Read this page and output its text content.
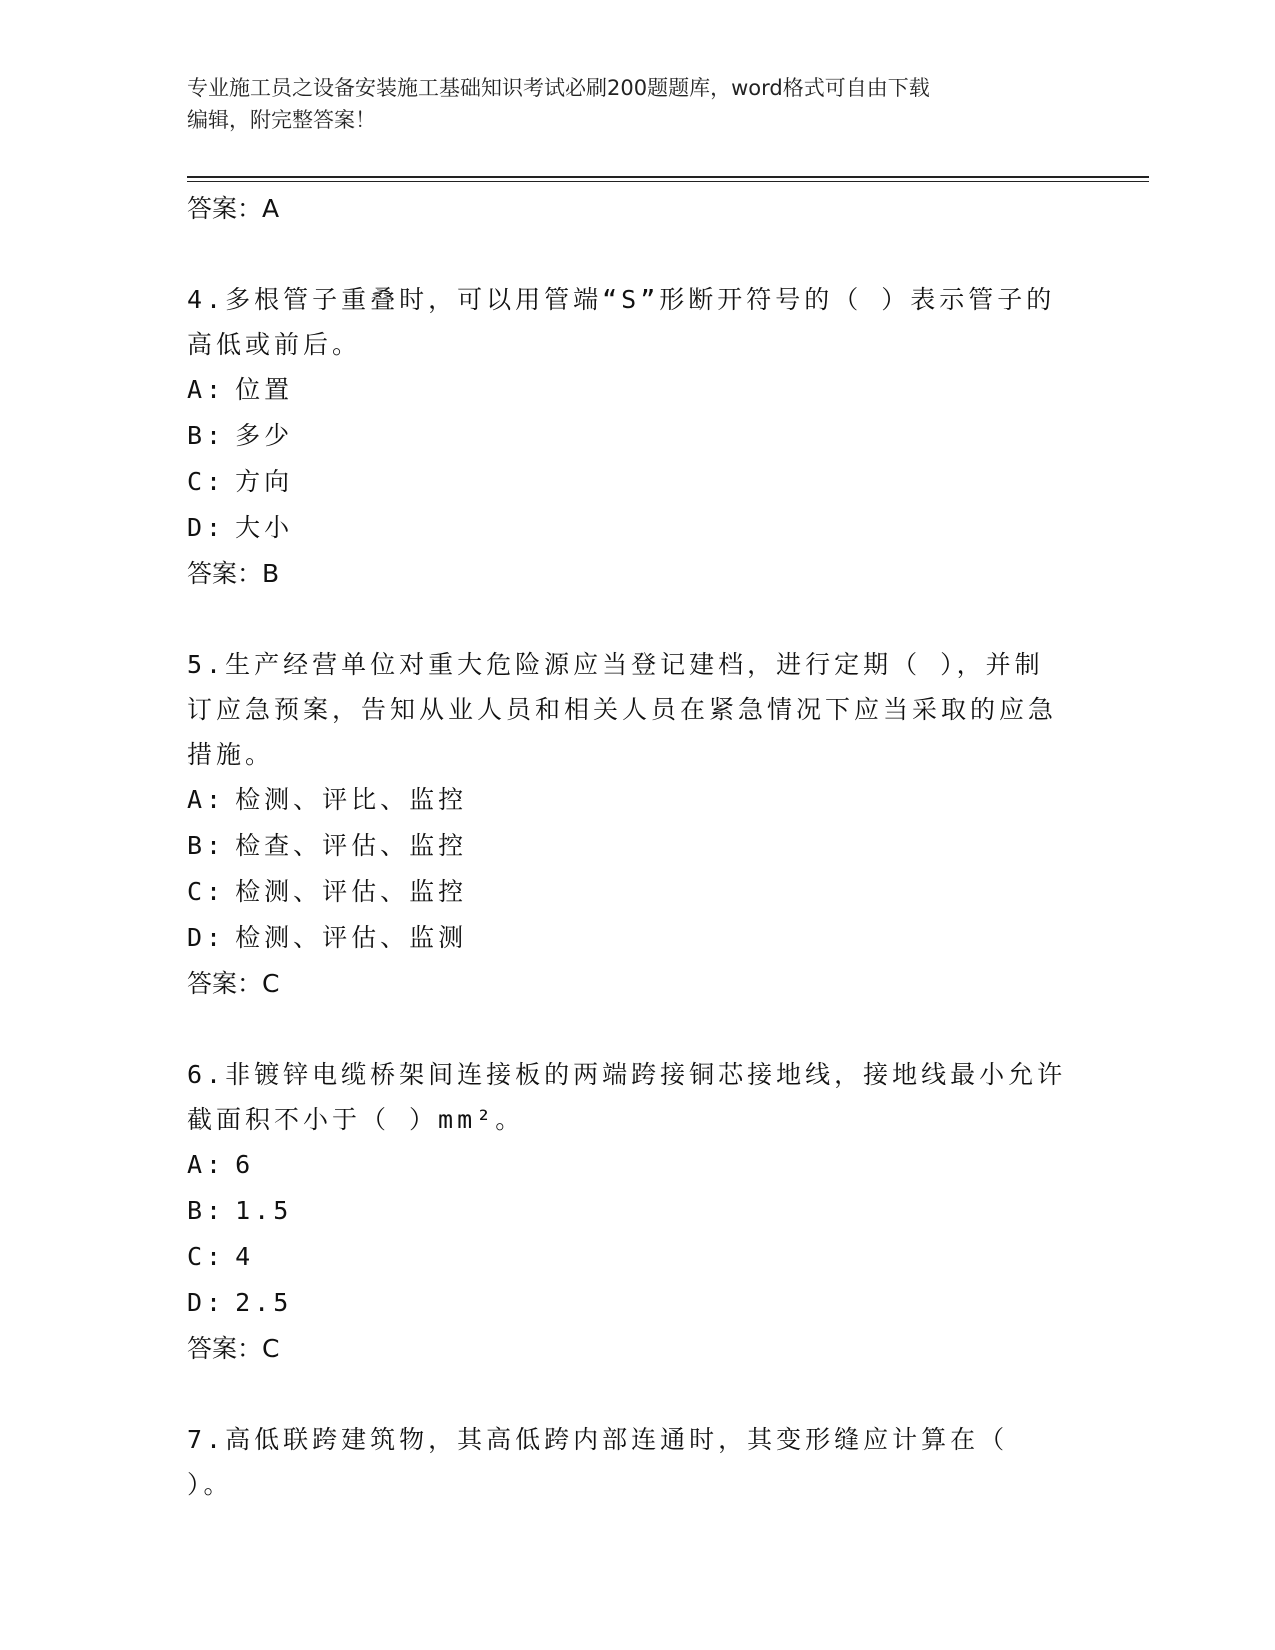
专业施工员之设备安装施工基础知识考试必刷200题题库，word格式可自由下载
编辑，附完整答案！
答案：A
4.多根管子重叠时，可以用管端“S”形断开符号的（ ）表示管子的高低或前后。
A: 位置
B: 多少
C: 方向
D: 大小
答案：B
5.生产经营单位对重大危险源应当登记建档，进行定期（ ），并制订应急预案，告知从业人员和相关人员在紧急情况下应当采取的应急措施。
A: 检测、评比、监控
B: 检查、评估、监控
C: 检测、评估、监控
D: 检测、评估、监测
答案：C
6.非镀锌电缆桥架间连接板的两端跨接铜芯接地线，接地线最小允许截面积不小于（ ）mm²。
A: 6
B: 1.5
C: 4
D: 2.5
答案：C
7.高低联跨建筑物，其高低跨内部连通时，其变形缝应计算在（ ）。
